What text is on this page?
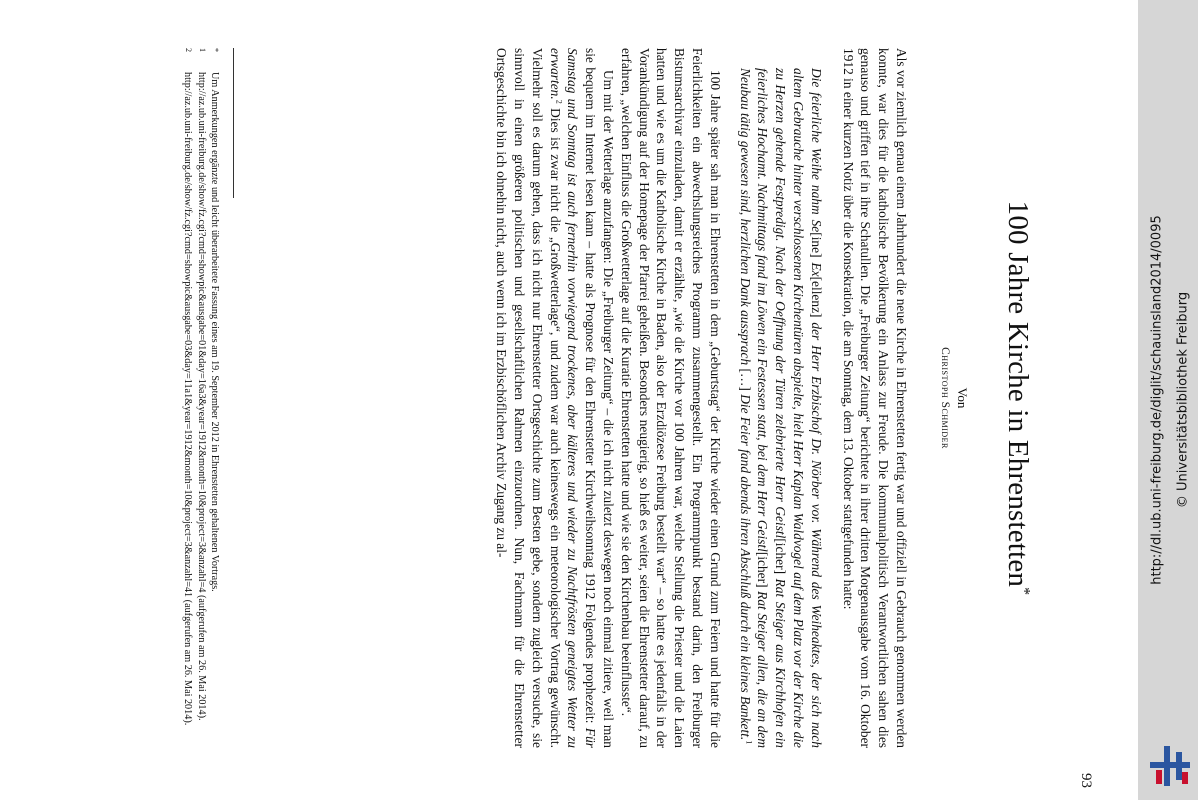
93
100 Jahre Kirche in Ehrenstetten*
Von
Christoph Schmider

Als vor ziemlich genau einem Jahrhundert die neue Kirche in Ehrenstetten fertig war und offiziell in Gebrauch genommen werden konnte, war dies für die katholische Bevölkerung ein Anlass zur Freude. Die kommunalpolitisch Verantwortlichen sahen dies genauso und griffen tief in ihre Schatullen. Die „Freiburger Zeitung“ berichtete in ihrer dritten Morgenausgabe vom 16. Oktober 1912 in einer kurzen Notiz über die Konsekration, die am Sonntag, dem 13. Oktober stattgefunden hatte:

Die feierliche Weihe nahm Se[ine] Ex[ellenz] der Herr Erzbischof Dr. Nörber vor. Während des Weiheaktes, der sich nach altem Gebrauche hinter verschlossenen Kirchentüren abspielte, hielt Herr Kaplan Waldvogel auf dem Platz vor der Kirche die zu Herzen gehende Festpredigt. Nach der Oeffnung der Türen zelebrierte Herr Geistl[icher] Rat Steiger aus Kirchhofen ein feierliches Hochamt. Nachmittags fand im Löwen ein Festessen statt, bei dem Herr Geistl[icher] Rat Steiger allen, die an dem Neubau tätig gewesen sind, herzlichen Dank aussprach […] Die Feier fand abends ihren Abschluß durch ein kleines Bankett.$^1$

100 Jahre später sah man in Ehrenstetten in dem „Geburtstag“ der Kirche wieder einen Grund zum Feiern und hatte für die Feierlichkeiten ein abwechslungsreiches Programm zusammengestellt. Ein Programmpunkt bestand darin, den Freiburger Bistumsarchivar einzuladen, damit er erzählte, „wie die Kirche vor 100 Jahren war, welche Stellung die Priester und die Laien hatten und wie es um die Katholische Kirche in Baden, also der Erzdiözese Freiburg bestellt war“ – so hatte es jedenfalls in der Vorankündigung auf der Homepage der Pfarrei geheißen. Besonders neugierig, so hieß es weiter, seien die Ehrenstetter darauf, zu erfahren, „welchen Einfluss die Großwetterlage auf die Kuratie Ehrenstetten hatte und wie sie den Kirchenbau beeinflusste“.

Um mit der Wetterlage anzufangen: Die „Freiburger Zeitung“ – die ich nicht zuletzt deswegen noch einmal zitiere, weil man sie bequem im Internet lesen kann – hatte als Prognose für den Ehrenstetter Kirchweihsonntag 1912 Folgendes prophezeit: Für Samstag und Sonntag ist auch fernerhin vorwiegend trockenes, aber kälteres und wieder zu Nachtfrösten geneigtes Wetter zu erwarten.$^2$ Dies ist zwar nicht die „Großwetterlage“, und zudem war auch keineswegs ein meteorologischer Vortrag gewünscht. Vielmehr soll es darum gehen, dass ich nicht nur Ehrenstetter Ortsgeschichte zum Besten gebe, sondern zugleich versuche, sie sinnvoll in einen größeren politischen und gesellschaftlichen Rahmen einzuordnen. Nun, Fachmann für die Ehrenstetter Ortsgeschichte bin ich ohnehin nicht, auch wenn ich im Erzbischöflichen Archiv Zugang zu al-

*
Um Anmerkungen ergänzte und leicht überarbeitete Fassung eines am 19. September 2012 in Ehrenstetten gehaltenen Vortrags.
1
http://az.ub.uni-freiburg.de/show/fz.cgi?cmd=showpic&ausgabe=01&day=16a3&year=1912&month=10&project=3&anzahl=4 (aufgerufen am 26. Mai 2014).
2
http://az.ub.uni-freiburg.de/show/fz.cgi?cmd=showpic&ausgabe=03&day=11a1&year=1912&month=10&project=3&anzahl=41 (aufgerufen am 26. Mai 2014).	http://dl.ub.uni-freiburg.de/diglit/schauinsland2014/0095 © Universitätsbibliothek Freiburg
